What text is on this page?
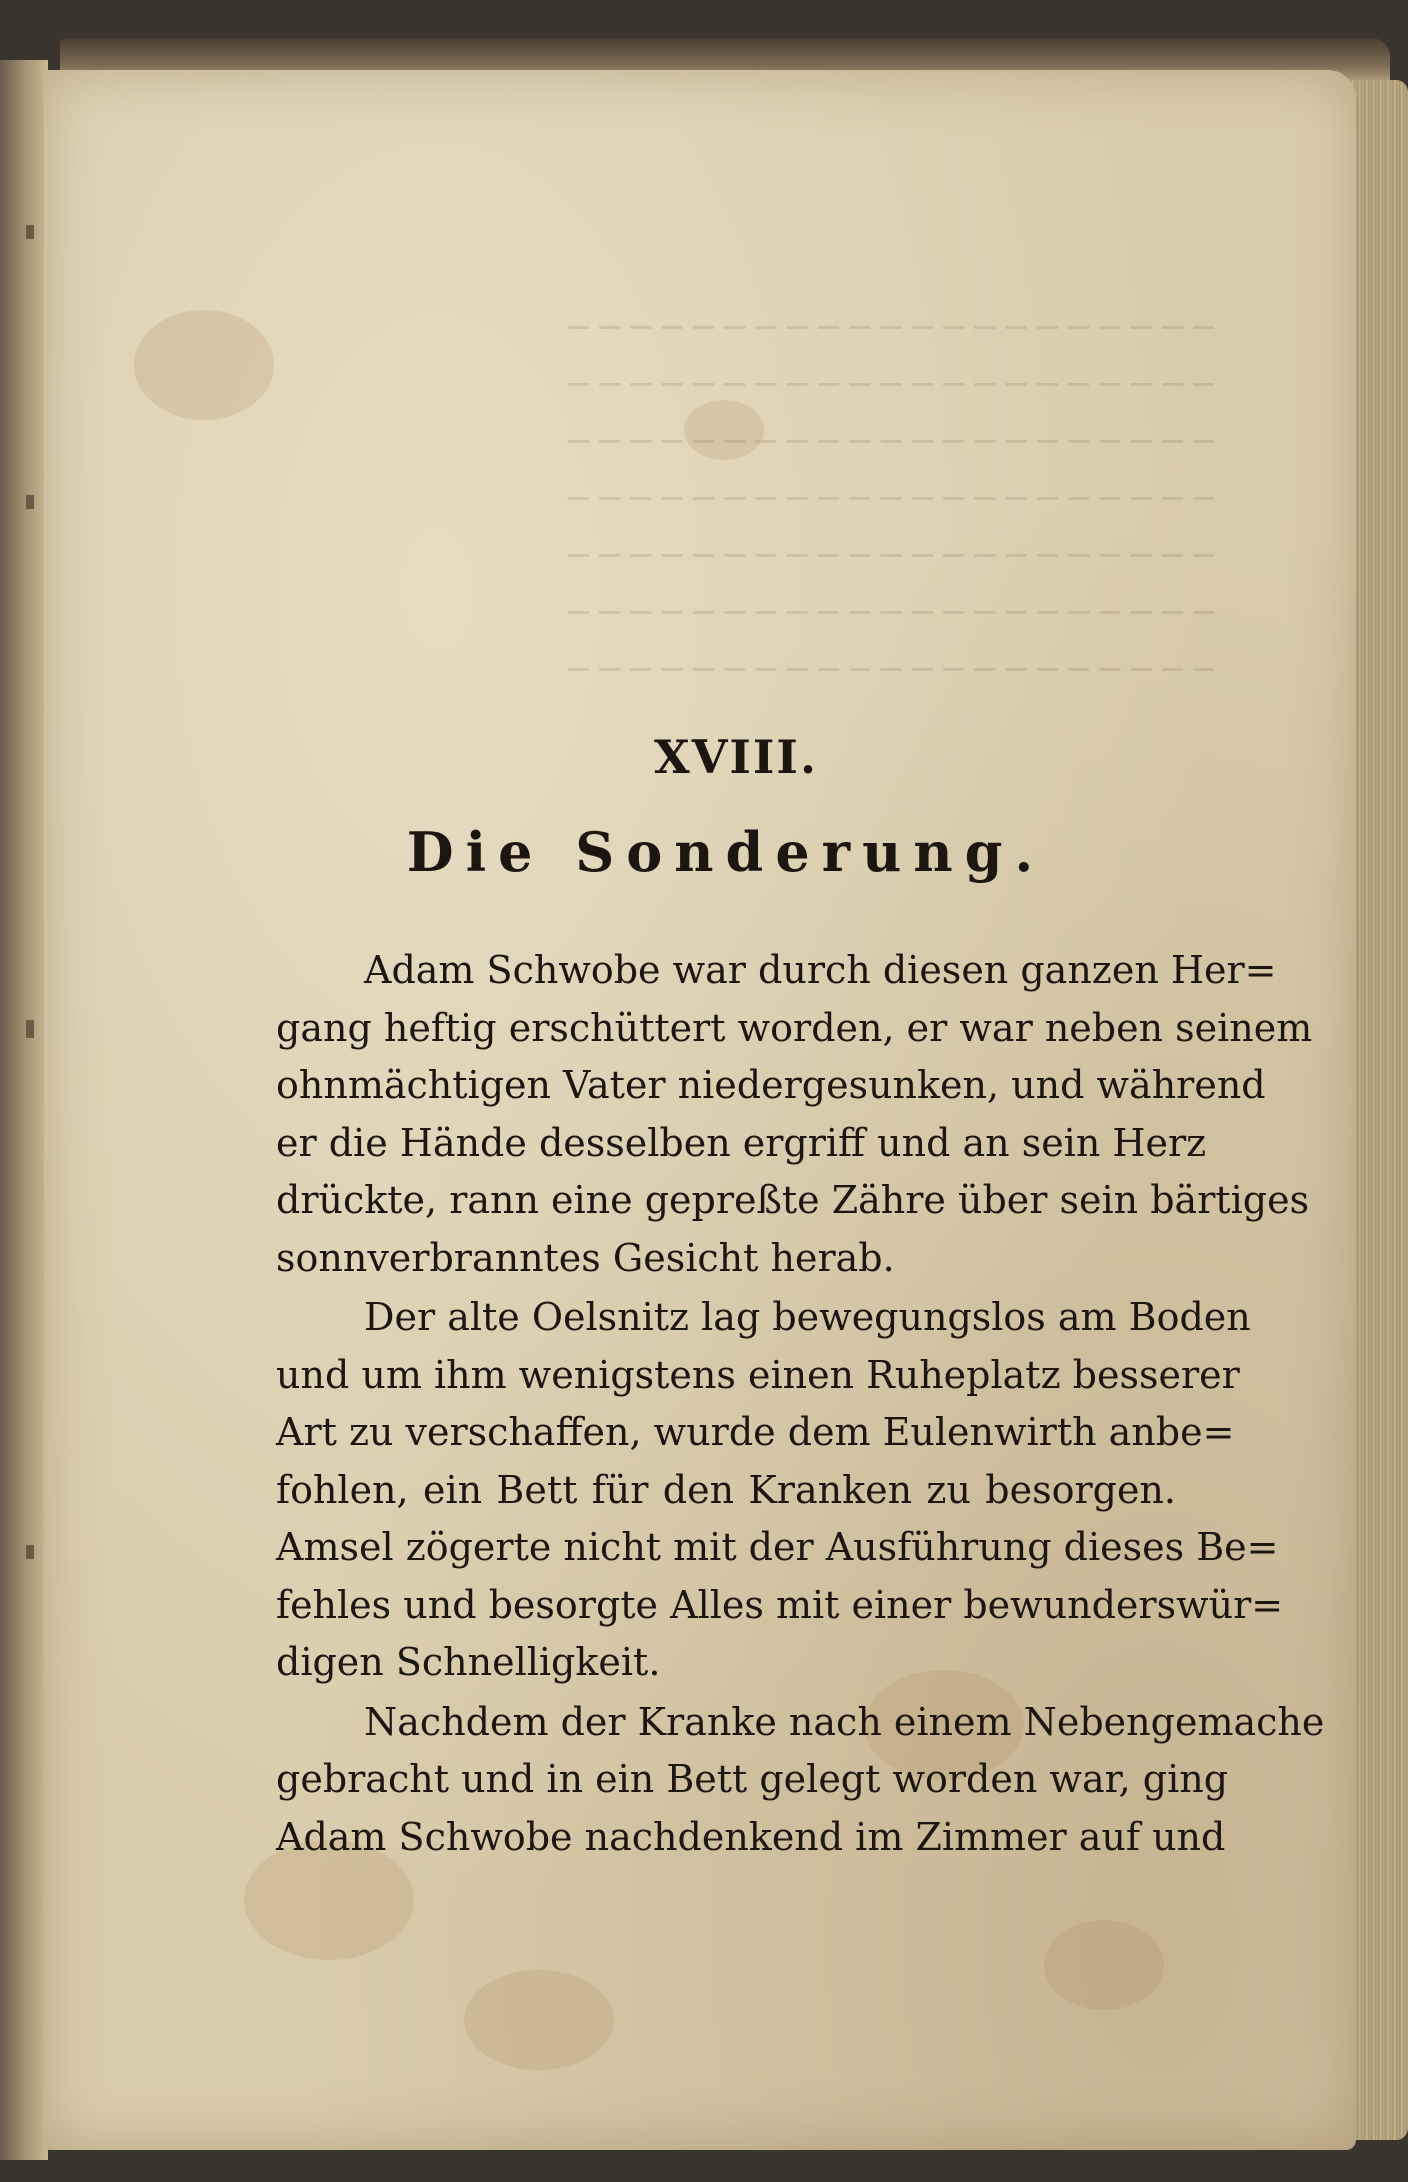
─ ─ ─ ─ ─ ─ ─ ─ ─ ─ ─ ─ ─ ─ ─ ─ ─ ─ ─ ─ ─
─ ─ ─ ─ ─ ─ ─ ─ ─ ─ ─ ─ ─ ─ ─ ─ ─ ─ ─ ─ ─
─ ─ ─ ─ ─ ─ ─ ─ ─ ─ ─ ─ ─ ─ ─ ─ ─ ─ ─ ─ ─
─ ─ ─ ─ ─ ─ ─ ─ ─ ─ ─ ─ ─ ─ ─ ─ ─ ─ ─ ─ ─
─ ─ ─ ─ ─ ─ ─ ─ ─ ─ ─ ─ ─ ─ ─ ─ ─ ─ ─ ─ ─
─ ─ ─ ─ ─ ─ ─ ─ ─ ─ ─ ─ ─ ─ ─ ─ ─ ─ ─ ─ ─
─ ─ ─ ─ ─ ─ ─ ─ ─ ─ ─ ─ ─ ─ ─ ─ ─ ─ ─ ─ ─
XVIII.
Die Sonderung.
Adam Schwobe war durch diesen ganzen Her=
gang heftig erschüttert worden, er war neben seinem
ohnmächtigen Vater niedergesunken, und während
er die Hände desselben ergriff und an sein Herz
drückte, rann eine gepreßte Zähre über sein bärtiges
sonnverbranntes Gesicht herab.
Der alte Oelsnitz lag bewegungslos am Boden
und um ihm wenigstens einen Ruheplatz besserer
Art zu verschaffen, wurde dem Eulenwirth anbe=
fohlen, ein Bett für den Kranken zu besorgen.
Amsel zögerte nicht mit der Ausführung dieses Be=
fehles und besorgte Alles mit einer bewunderswür=
digen Schnelligkeit.
Nachdem der Kranke nach einem Nebengemache
gebracht und in ein Bett gelegt worden war, ging
Adam Schwobe nachdenkend im Zimmer auf und
